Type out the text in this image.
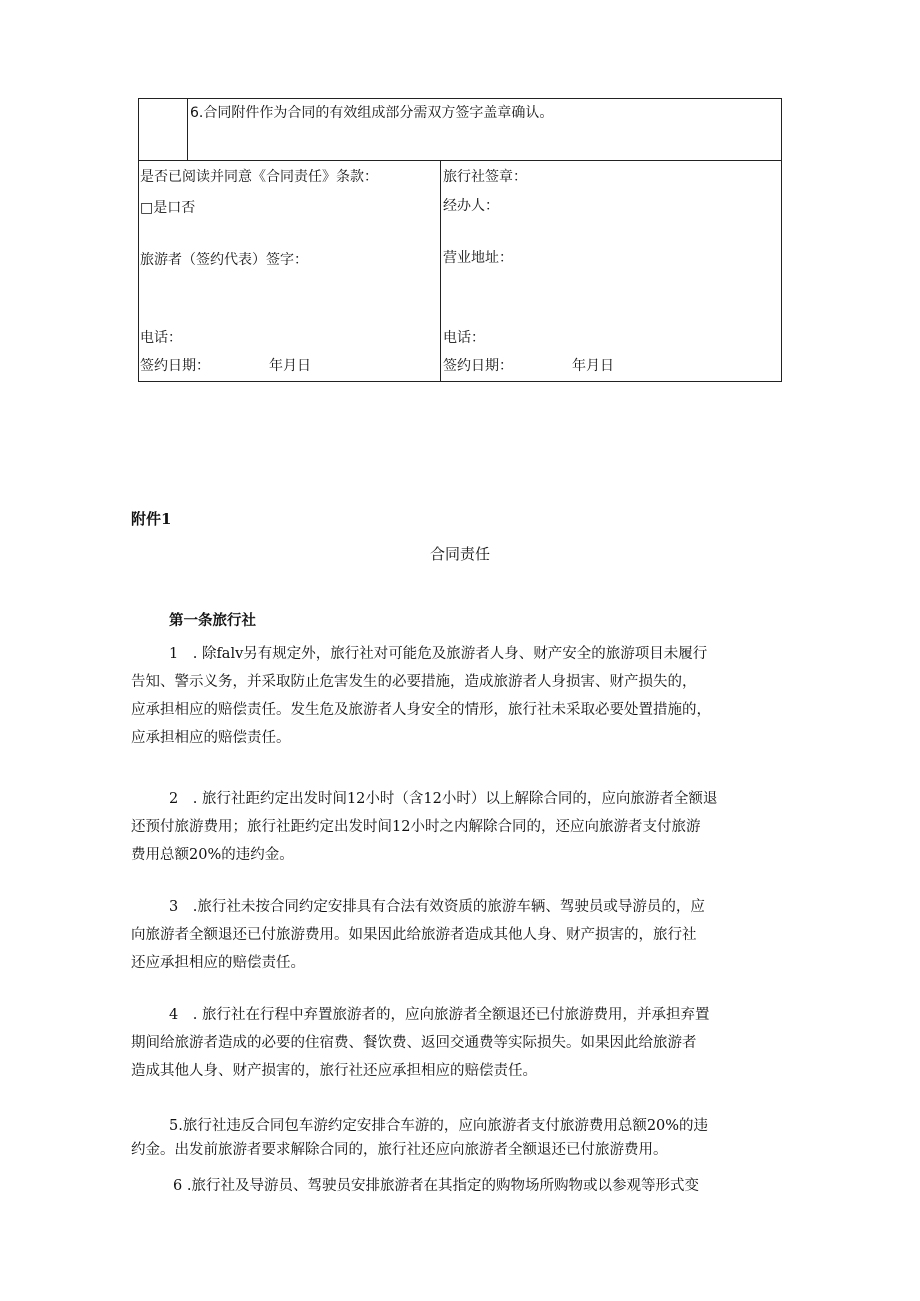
6.合同附件作为合同的有效组成部分需双方签字盖章确认。
是否已阅读并同意《合同责任》条款：
□是口否
旅游者（签约代表）签字：
电话：
签约日期：	年月日
旅行社签章：
经办人：
营业地址：
电话：
签约日期：	年月日
附件1
合同责任
第一条旅行社
1　. 除falv另有规定外，旅行社对可能危及旅游者人身、财产安全的旅游项目未履行
告知、警示义务，并采取防止危害发生的必要措施，造成旅游者人身损害、财产损失的，
应承担相应的赔偿责任。发生危及旅游者人身安全的情形，旅行社未采取必要处置措施的，
应承担相应的赔偿责任。
2　. 旅行社距约定出发时间12小时（含12小时）以上解除合同的，应向旅游者全额退
还预付旅游费用；旅行社距约定出发时间12小时之内解除合同的，还应向旅游者支付旅游
费用总额20%的违约金。
3　.旅行社未按合同约定安排具有合法有效资质的旅游车辆、驾驶员或导游员的，应
向旅游者全额退还已付旅游费用。如果因此给旅游者造成其他人身、财产损害的，旅行社
还应承担相应的赔偿责任。
4　. 旅行社在行程中弃置旅游者的，应向旅游者全额退还已付旅游费用，并承担弃置
期间给旅游者造成的必要的住宿费、餐饮费、返回交通费等实际损失。如果因此给旅游者
造成其他人身、财产损害的，旅行社还应承担相应的赔偿责任。
5.旅行社违反合同包车游约定安排合车游的，应向旅游者支付旅游费用总额20%的违
约金。出发前旅游者要求解除合同的，旅行社还应向旅游者全额退还已付旅游费用。
6 .旅行社及导游员、驾驶员安排旅游者在其指定的购物场所购物或以参观等形式变
